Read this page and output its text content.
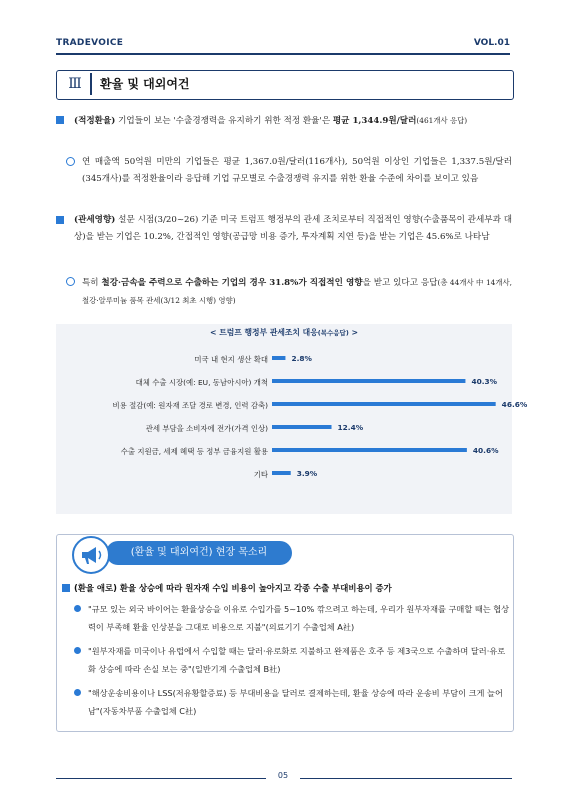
TRADEVOICE	VOL.01
Ⅲ	환율 및 대외여건
(적정환율) 기업들이 보는 '수출경쟁력을 유지하기 위한 적정 환율'은 평균 1,344.9원/달러(461개사 응답)
연 매출액 50억원 미만의 기업들은 평균 1,367.0원/달러(116개사), 50억원 이상인 기업들은 1,337.5원/달러(345개사)를 적정환율이라 응답해 기업 규모별로 수출경쟁력 유지를 위한 환율 수준에 차이를 보이고 있음
(관세영향) 설문 시점(3/20~26) 기준 미국 트럼프 행정부의 관세 조치로부터 직접적인 영향(수출품목이 관세부과 대상)을 받는 기업은 10.2%, 간접적인 영향(공급망 비용 증가, 투자계획 지연 등)을 받는 기업은 45.6%로 나타남
특히 철강·금속을 주력으로 수출하는 기업의 경우 31.8%가 직접적인 영향을 받고 있다고 응답(총 44개사 中 14개사, 철강·알루미늄 품목 관세(3/12 최초 시행) 영향)
< 트럼프 행정부 관세조치 대응(복수응답) >
미국 내 현지 생산 확대	2.8%
대체 수출 시장(예: EU, 동남아시아) 개척	40.3%
비용 절감(예: 원자재 조달 경로 변경, 인력 감축)	46.6%
관세 부담을 소비자에 전가(가격 인상)	12.4%
수출 지원금, 세제 혜택 등 정부 금융지원 활용	40.6%
기타	3.9%
(환율 및 대외여건) 현장 목소리
(환율 애로) 환율 상승에 따라 원자재 수입 비용이 높아지고 각종 수출 부대비용이 증가
"규모 있는 외국 바이어는 환율상승을 이유로 수입가를 5~10% 깎으려고 하는데, 우리가 원부자재를 구매할 때는 협상력이 부족해 환율 인상분을 그대로 비용으로 지불"(의료기기 수출업체 A社)
"원부자재를 미국이나 유럽에서 수입할 때는 달러·유로화로 지불하고 완제품은 호주 등 제3국으로 수출하며 달러·유로화 상승에 따라 손실 보는 중"(일반기계 수출업체 B社)
"해상운송비용이나 LSS(저유황할증료) 등 부대비용을 달러로 결제하는데, 환율 상승에 따라 운송비 부담이 크게 늘어남"(자동차부품 수출업체 C社)
05
